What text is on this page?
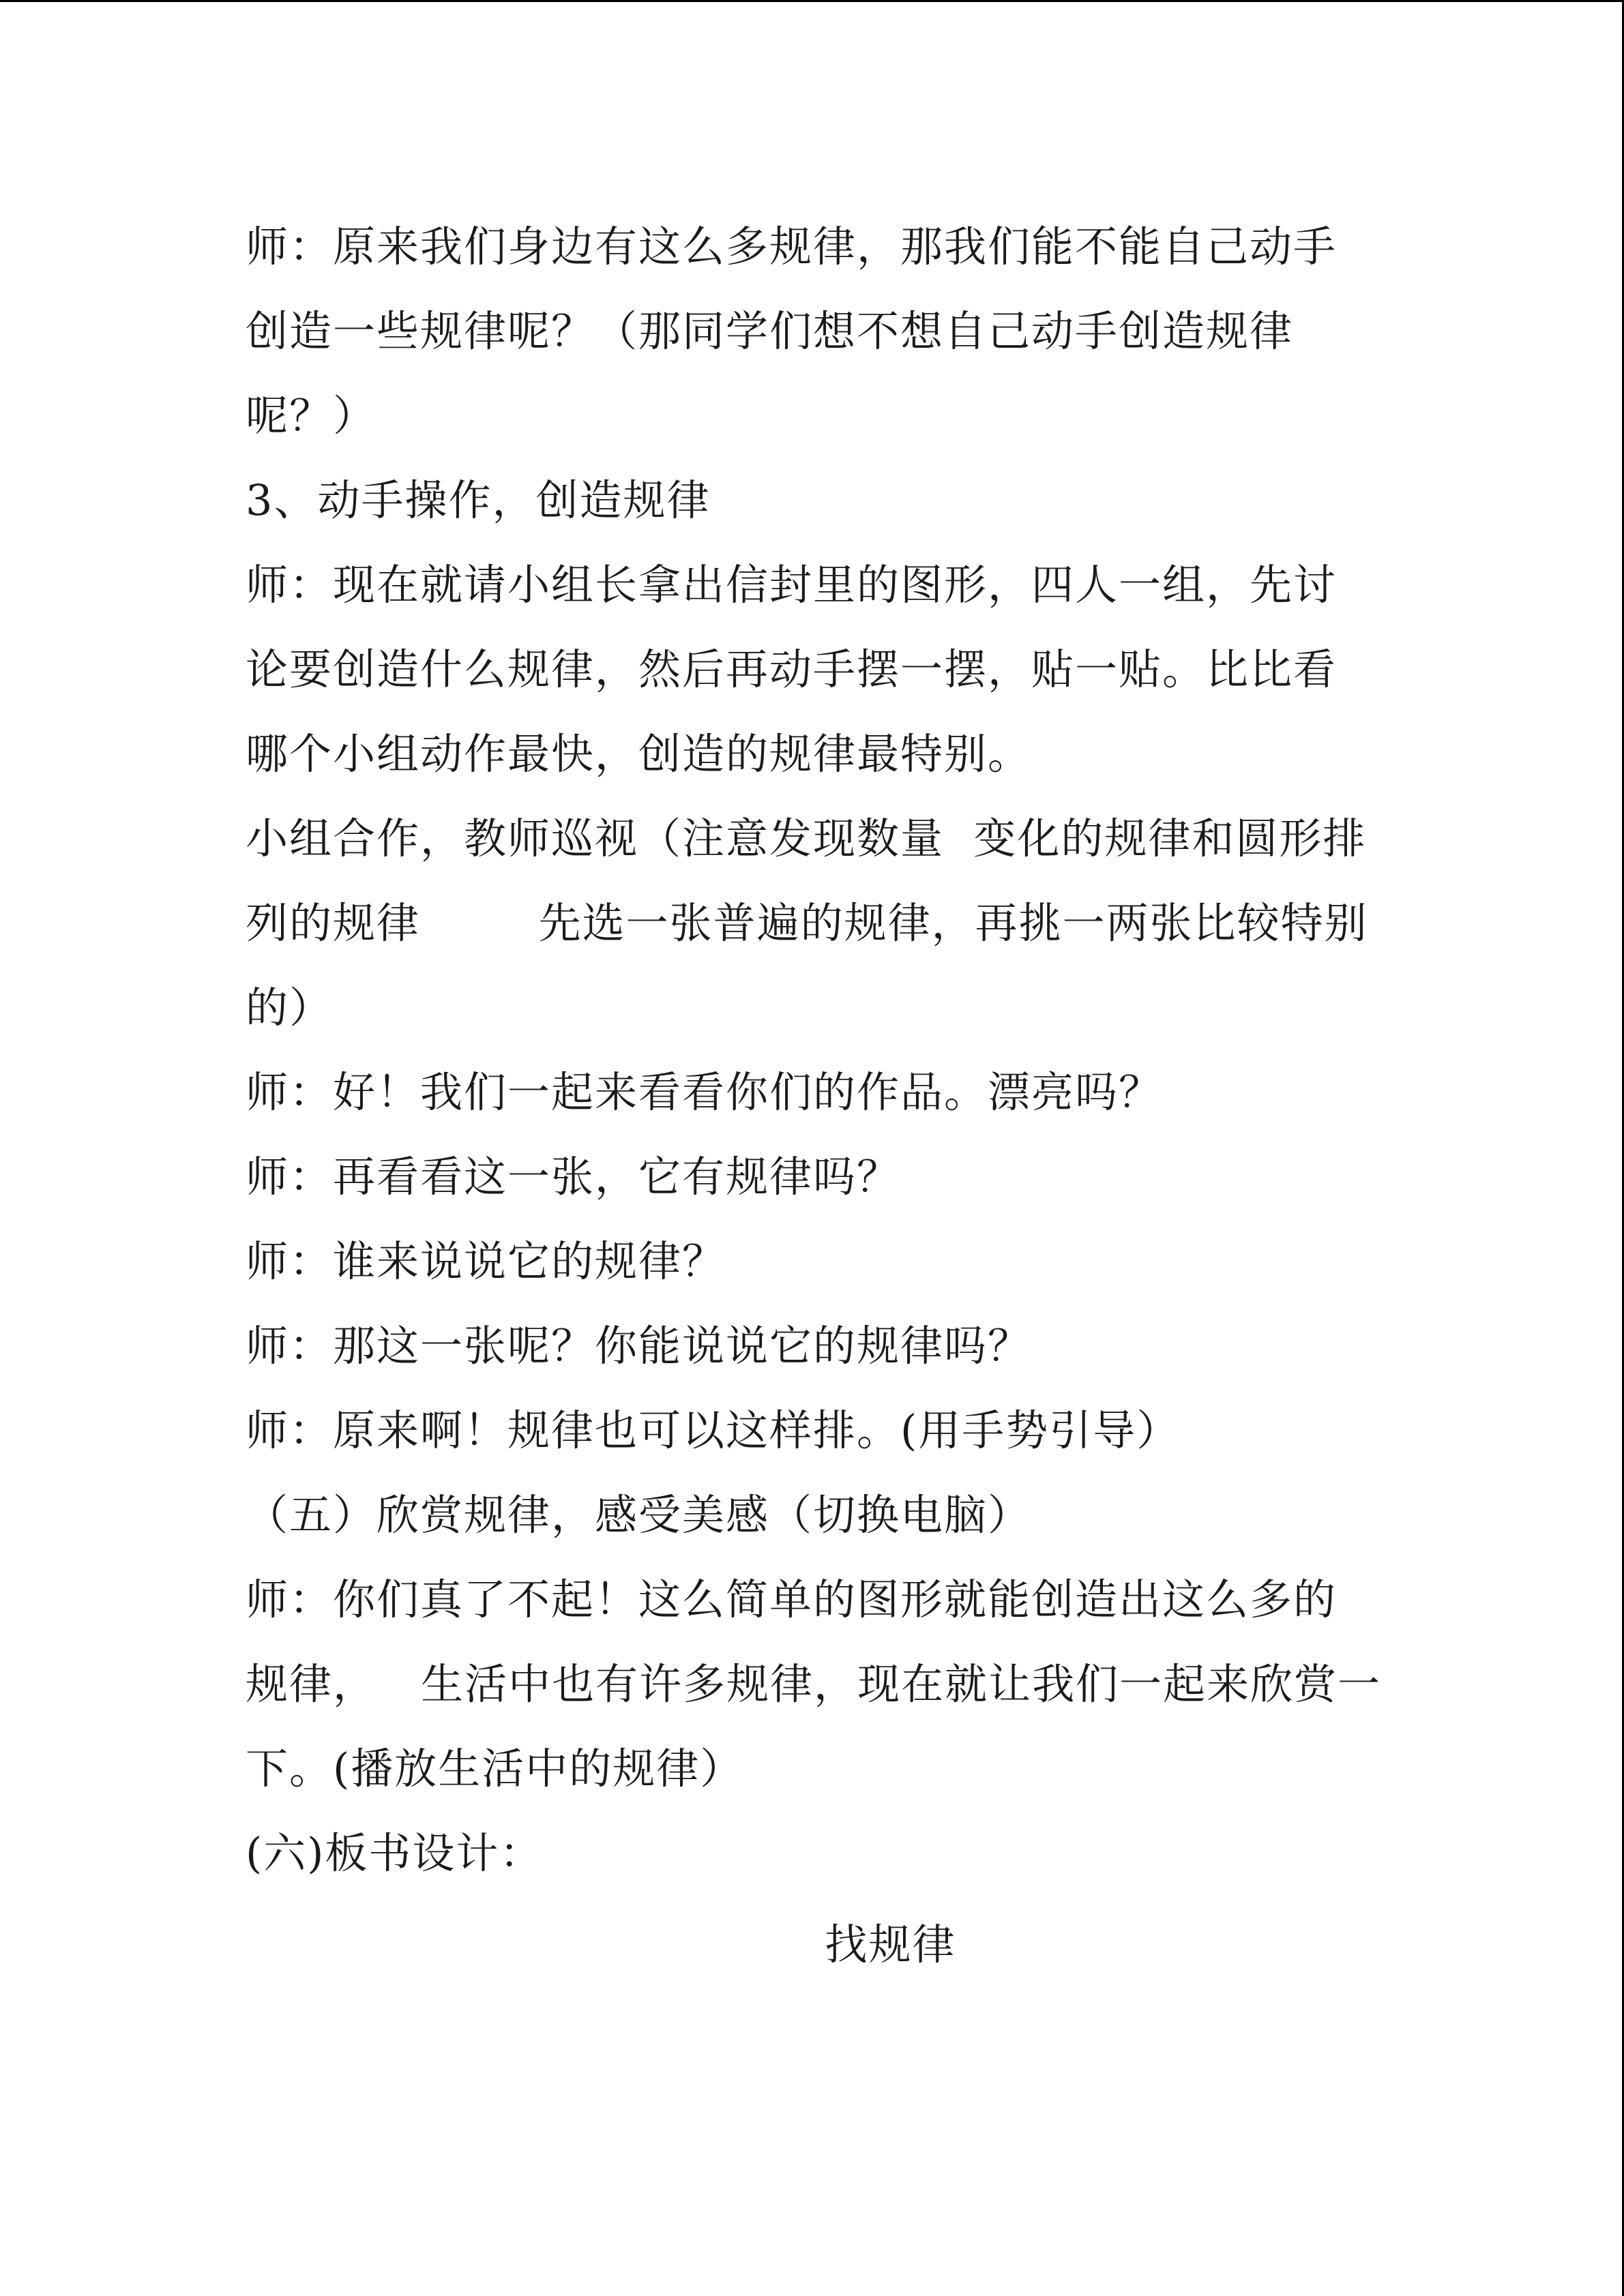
师：原来我们身边有这么多规律，那我们能不能自己动手
创造一些规律呢？（那同学们想不想自己动手创造规律
呢？）
3、动手操作，创造规律
师：现在就请小组长拿出信封里的图形，四人一组，先讨
论要创造什么规律，然后再动手摆一摆，贴一贴。比比看
哪个小组动作最快，创造的规律最特别。
小组合作，教师巡视（注意发现数量  变化的规律和圆形排
列的规律        先选一张普遍的规律，再挑一两张比较特别
的）
师：好！我们一起来看看你们的作品。漂亮吗？
师：再看看这一张，它有规律吗？
师：谁来说说它的规律？
师：那这一张呢？你能说说它的规律吗？
师：原来啊！规律也可以这样排。(用手势引导）
（五）欣赏规律，感受美感（切换电脑）
师：你们真了不起！这么简单的图形就能创造出这么多的
规律，   生活中也有许多规律，现在就让我们一起来欣赏一
下。(播放生活中的规律）
(六)板书设计：
找规律
